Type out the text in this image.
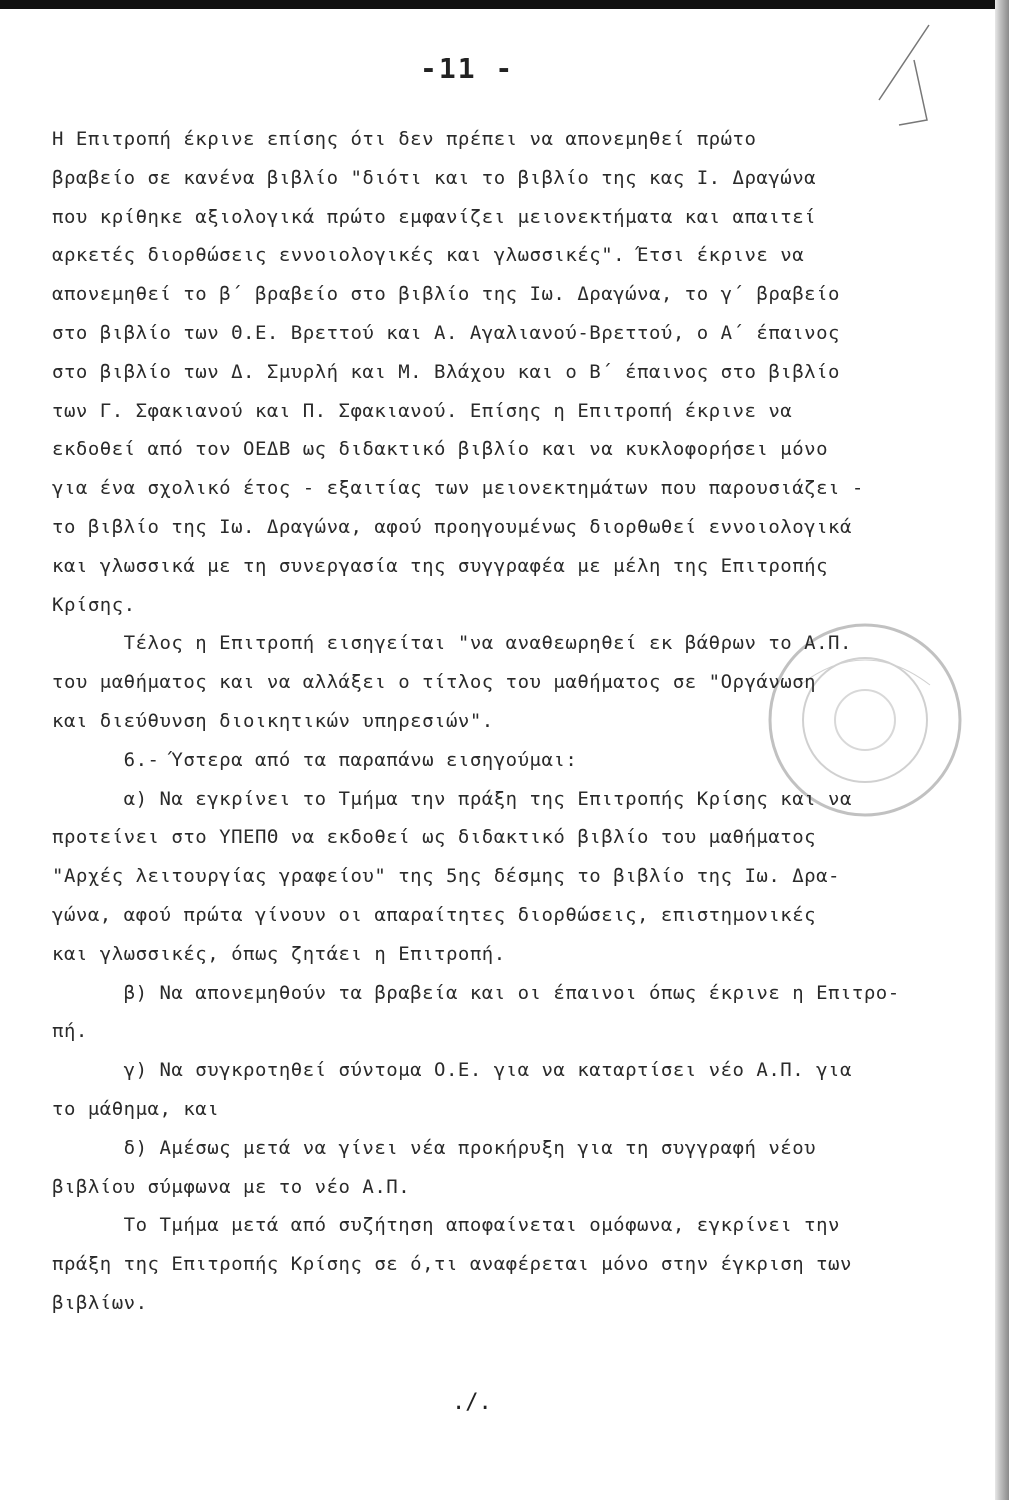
-11 -
Η Επιτροπή έκρινε επίσης ότι δεν πρέπει να απονεμηθεί πρώτο
βραβείο σε κανένα βιβλίο "διότι και το βιβλίο της κας Ι. Δραγώνα
που κρίθηκε αξιολογικά πρώτο εμφανίζει μειονεκτήματα και απαιτεί
αρκετές διορθώσεις εννοιολογικές και γλωσσικές". Έτσι έκρινε να
απονεμηθεί το β΄ βραβείο στο βιβλίο της Ιω. Δραγώνα, το γ΄ βραβείο
στο βιβλίο των Θ.Ε. Βρεττού και Α. Αγαλιανού-Βρεττού, ο Α΄ έπαινος
στο βιβλίο των Δ. Σμυρλή και Μ. Βλάχου και ο Β΄ έπαινος στο βιβλίο
των Γ. Σφακιανού και Π. Σφακιανού. Επίσης η Επιτροπή έκρινε να
εκδοθεί από τον ΟΕΔΒ ως διδακτικό βιβλίο και να κυκλοφορήσει μόνο
για ένα σχολικό έτος - εξαιτίας των μειονεκτημάτων που παρουσιάζει -
το βιβλίο της Ιω. Δραγώνα, αφού προηγουμένως διορθωθεί εννοιολογικά
και γλωσσικά με τη συνεργασία της συγγραφέα με μέλη της Επιτροπής
Κρίσης.
Τέλος η Επιτροπή εισηγείται "να αναθεωρηθεί εκ βάθρων το Α.Π.
του μαθήματος και να αλλάξει ο τίτλος του μαθήματος σε "Οργάνωση
και διεύθυνση διοικητικών υπηρεσιών".
6.- Ύστερα από τα παραπάνω εισηγούμαι:
α) Να εγκρίνει το Τμήμα την πράξη της Επιτροπής Κρίσης και να
προτείνει στο ΥΠΕΠΘ να εκδοθεί ως διδακτικό βιβλίο του μαθήματος
"Αρχές λειτουργίας γραφείου" της 5ης δέσμης το βιβλίο της Ιω. Δρα-
γώνα, αφού πρώτα γίνουν οι απαραίτητες διορθώσεις, επιστημονικές
και γλωσσικές, όπως ζητάει η Επιτροπή.
β) Να απονεμηθούν τα βραβεία και οι έπαινοι όπως έκρινε η Επιτρο-
πή.
γ) Να συγκροτηθεί σύντομα Ο.Ε. για να καταρτίσει νέο Α.Π. για
το μάθημα, και
δ) Αμέσως μετά να γίνει νέα προκήρυξη για τη συγγραφή νέου
βιβλίου σύμφωνα με το νέο Α.Π.
Το Τμήμα μετά από συζήτηση αποφαίνεται ομόφωνα, εγκρίνει την
πράξη της Επιτροπής Κρίσης σε ό,τι αναφέρεται μόνο στην έγκριση των
βιβλίων.
./.
